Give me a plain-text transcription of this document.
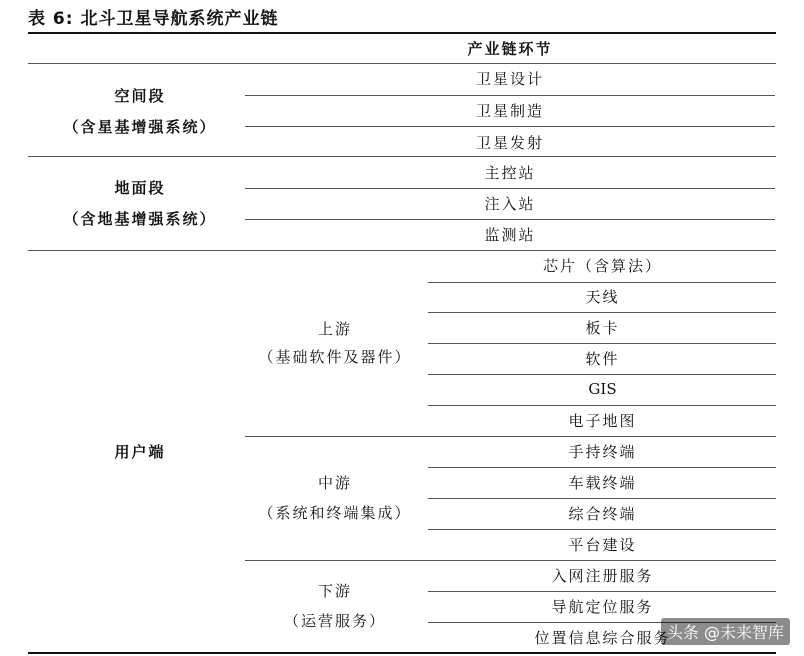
表 6: 北斗卫星导航系统产业链
产业链环节
空间段
（含星基增强系统）
卫星设计
卫星制造
卫星发射
地面段
（含地基增强系统）
主控站
注入站
监测站
用户端
上游
（基础软件及器件）
芯片（含算法）
天线
板卡
软件
GIS
电子地图
中游
（系统和终端集成）
手持终端
车载终端
综合终端
平台建设
下游
（运营服务）
入网注册服务
导航定位服务
位置信息综合服务
头条 @未来智库
